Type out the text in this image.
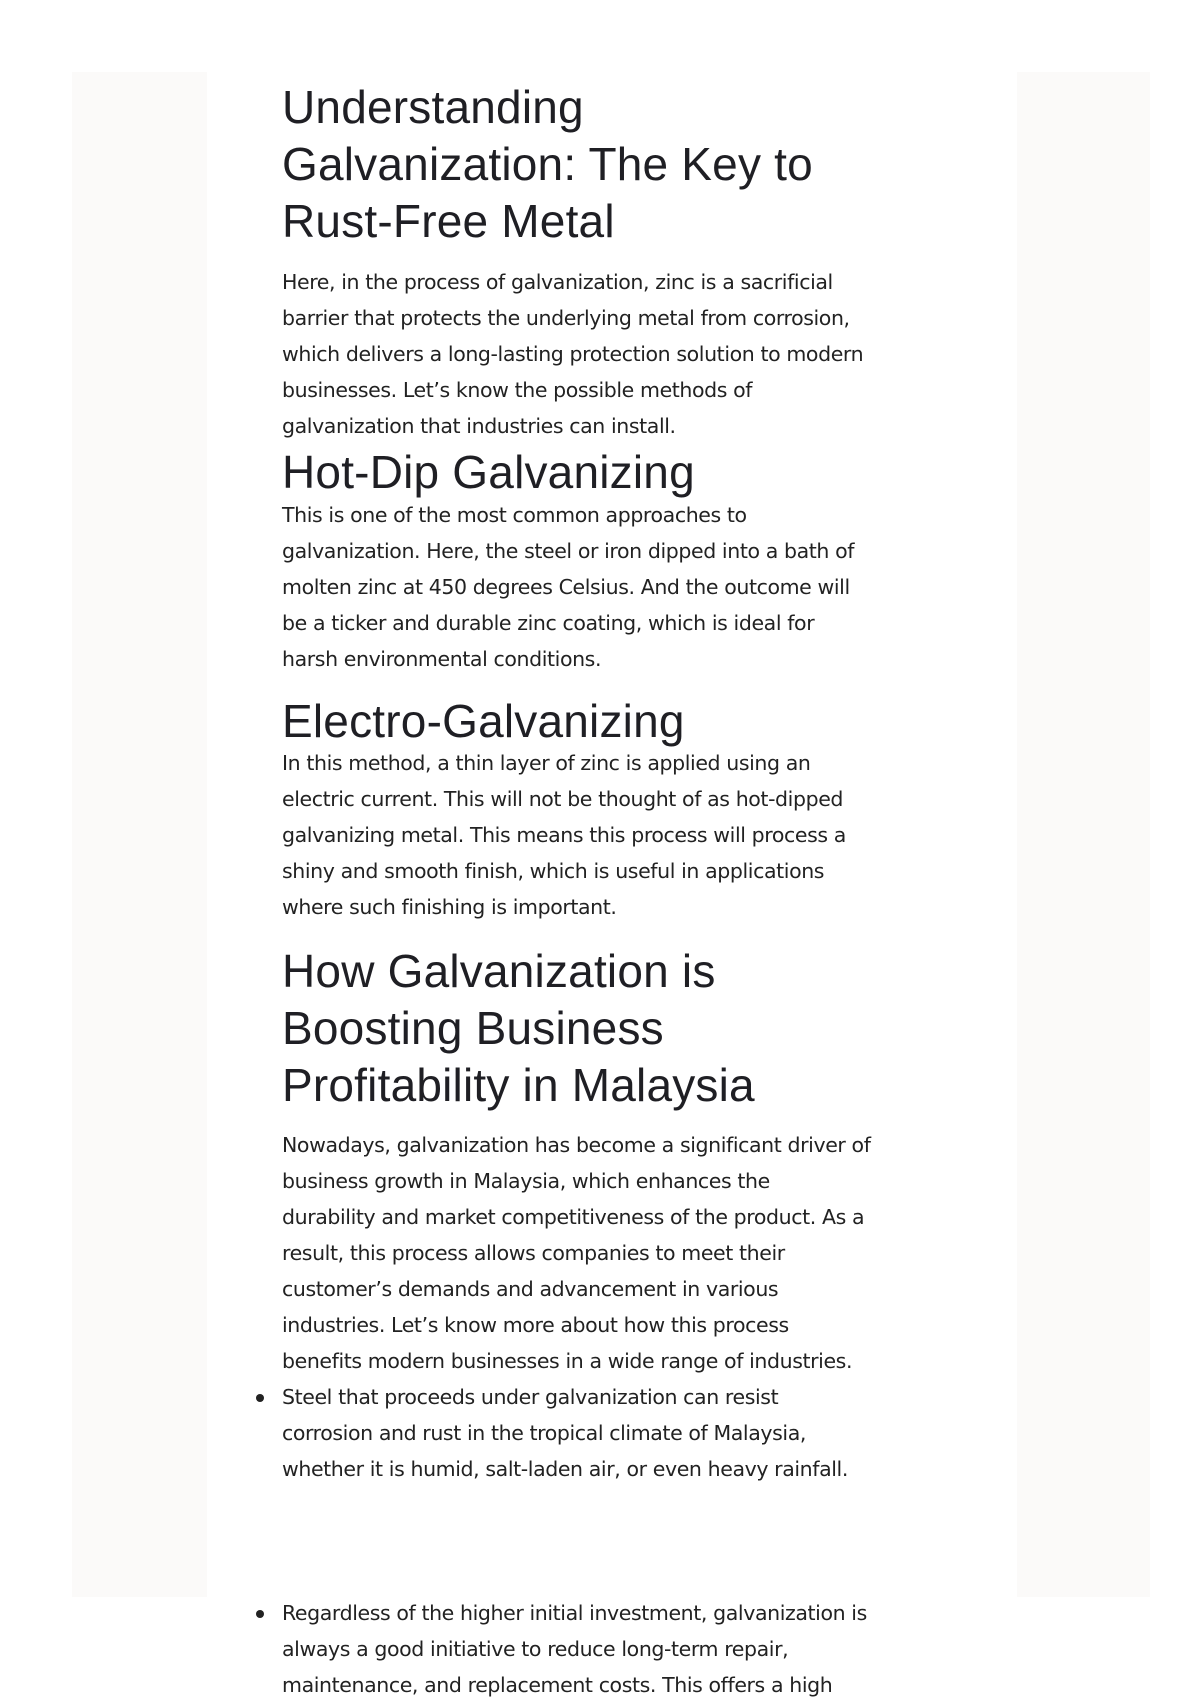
Understanding
Galvanization: The Key to
Rust-Free Metal
Here, in the process of galvanization, zinc is a sacrificial
barrier that protects the underlying metal from corrosion,
which delivers a long-lasting protection solution to modern
businesses. Let’s know the possible methods of
galvanization that industries can install.
Hot-Dip Galvanizing
This is one of the most common approaches to
galvanization. Here, the steel or iron dipped into a bath of
molten zinc at 450 degrees Celsius. And the outcome will
be a ticker and durable zinc coating, which is ideal for
harsh environmental conditions.
Electro-Galvanizing
In this method, a thin layer of zinc is applied using an
electric current. This will not be thought of as hot-dipped
galvanizing metal. This means this process will process a
shiny and smooth finish, which is useful in applications
where such finishing is important.
How Galvanization is
Boosting Business
Profitability in Malaysia
Nowadays, galvanization has become a significant driver of
business growth in Malaysia, which enhances the
durability and market competitiveness of the product. As a
result, this process allows companies to meet their
customer’s demands and advancement in various
industries. Let’s know more about how this process
benefits modern businesses in a wide range of industries.
Steel that proceeds under galvanization can resist
corrosion and rust in the tropical climate of Malaysia,
whether it is humid, salt-laden air, or even heavy rainfall.
Regardless of the higher initial investment, galvanization is
always a good initiative to reduce long-term repair,
maintenance, and replacement costs. This offers a high
